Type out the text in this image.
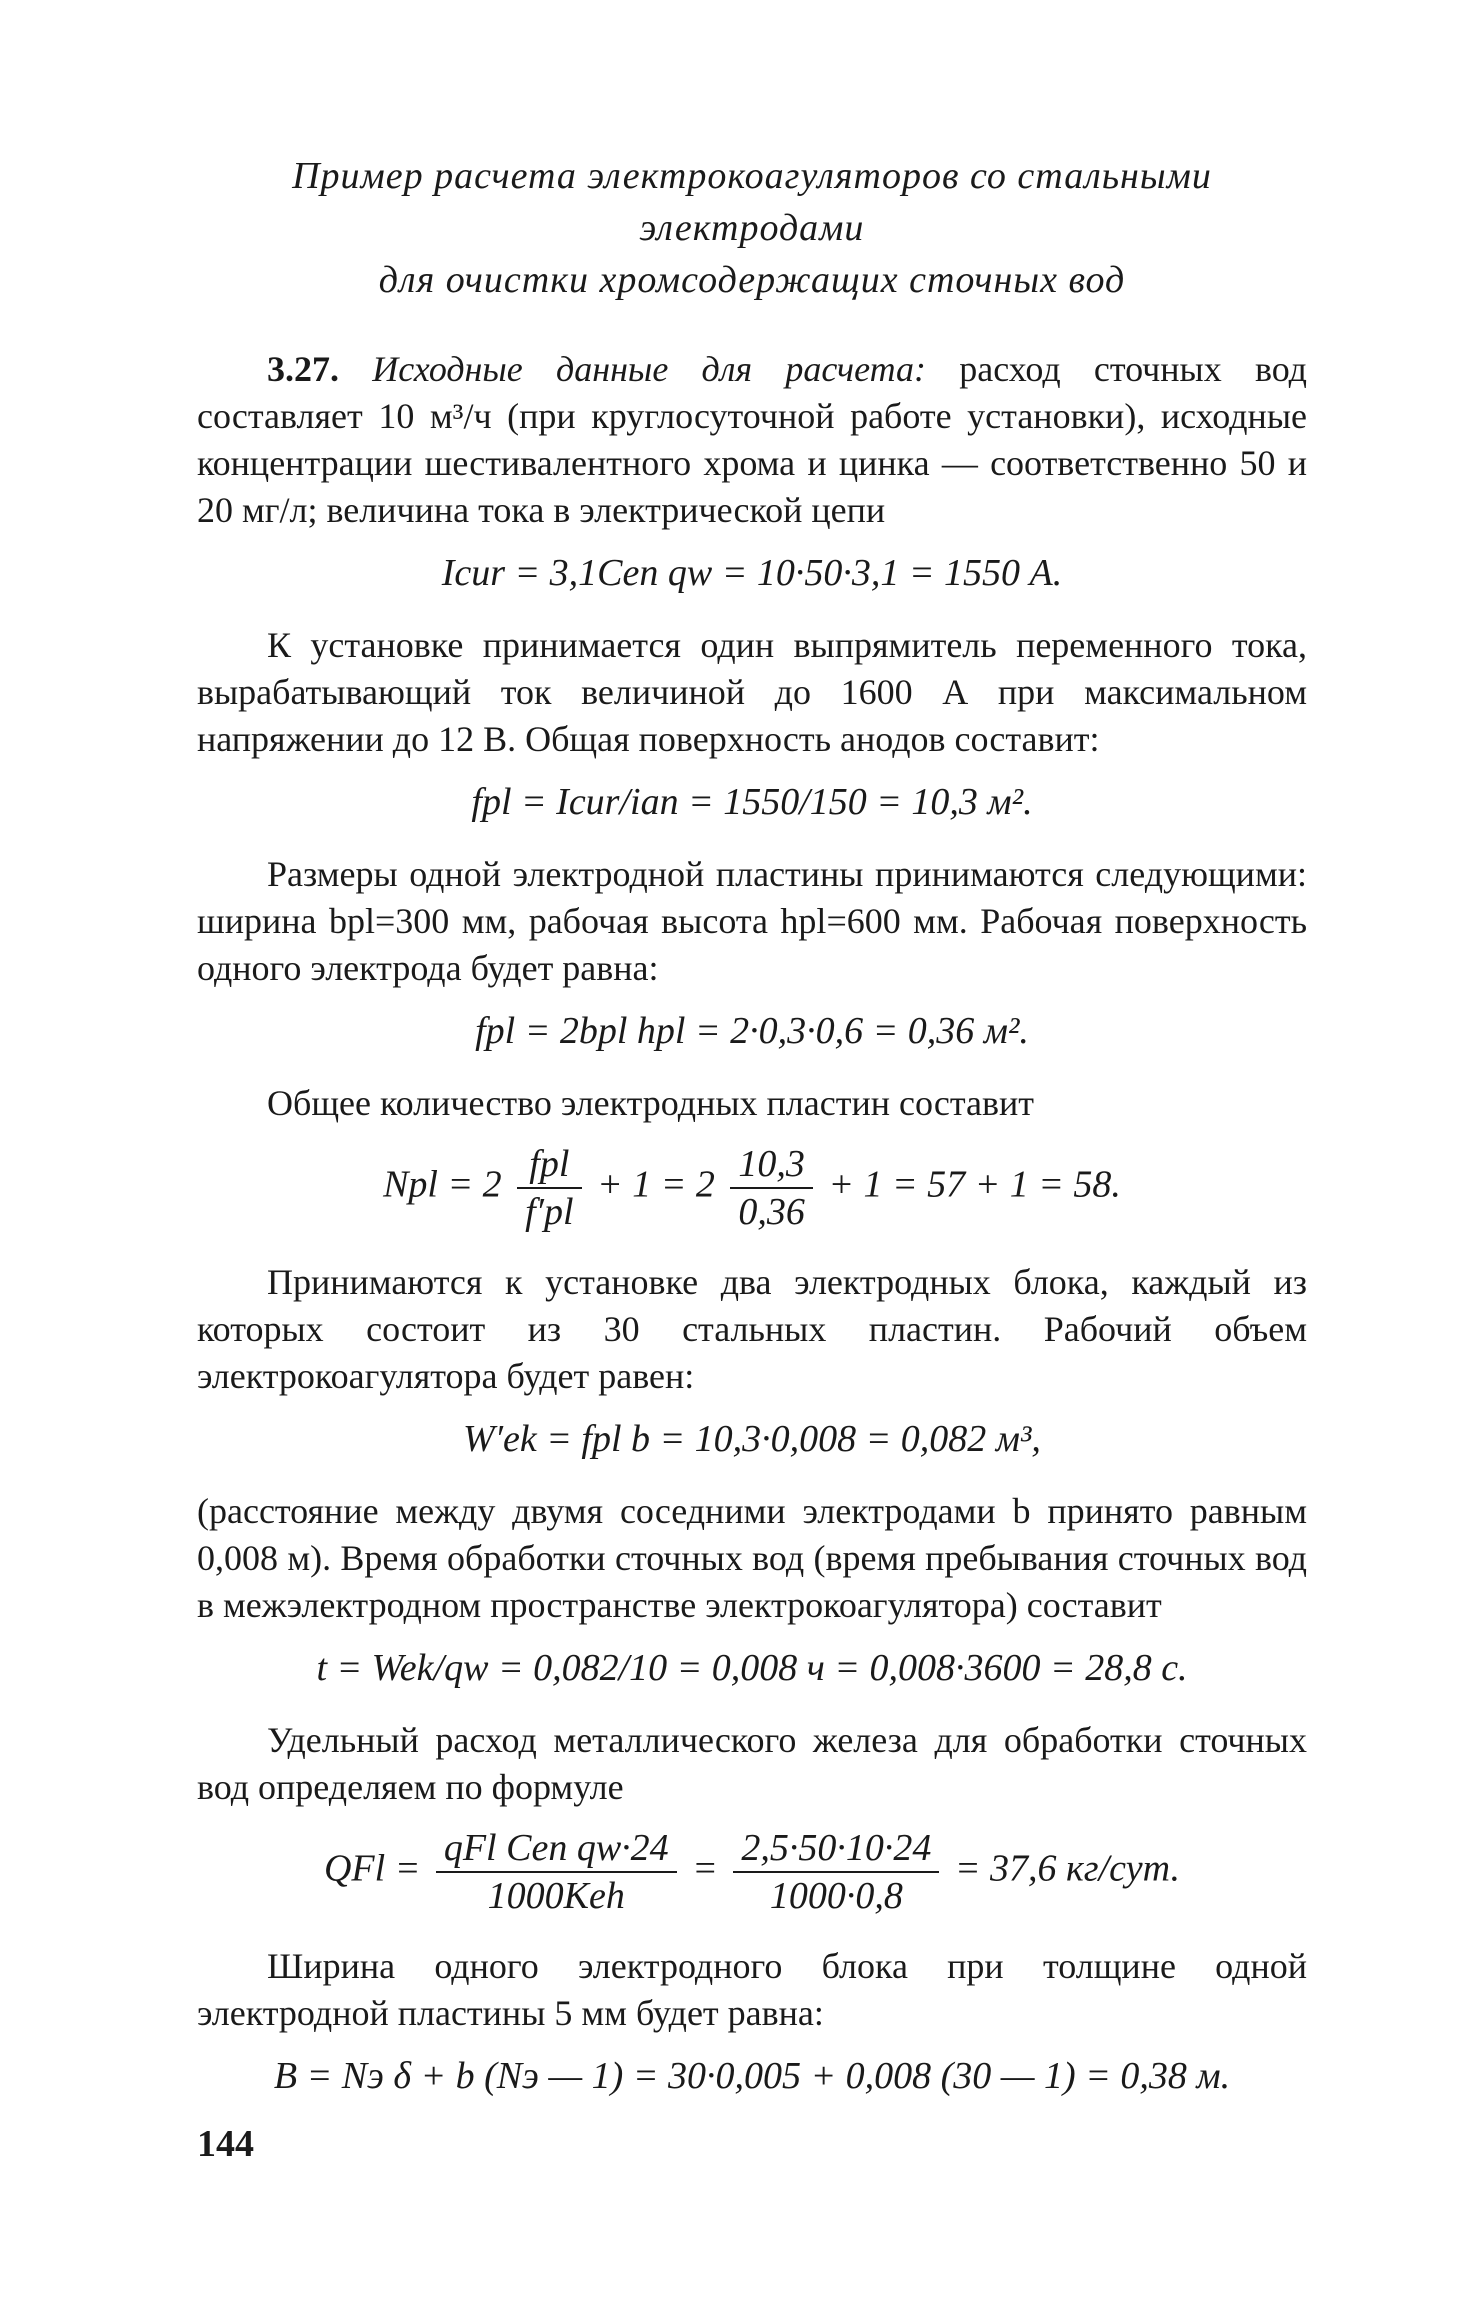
Пример расчета электрокоагуляторов со стальными электродами
для очистки хромсодержащих сточных вод

3.27. Исходные данные для расчета: расход сточных вод составляет 10 м³/ч (при круглосуточной работе установки), исходные концентрации шестивалентного хрома и цинка — соответственно 50 и 20 мг/л; величина тока в электрической цепи

Icur = 3,1Cen qw = 10·50·3,1 = 1550 А.

К установке принимается один выпрямитель переменного тока, вырабатывающий ток величиной до 1600 А при максимальном напряжении до 12 В. Общая поверхность анодов составит:

fpl = Icur/ian = 1550/150 = 10,3 м².

Размеры одной электродной пластины принимаются следующими: ширина bpl=300 мм, рабочая высота hpl=600 мм. Рабочая поверхность одного электрода будет равна:

fpl = 2bpl hpl = 2·0,3·0,6 = 0,36 м².

Общее количество электродных пластин составит

Npl = $2 \frac{\text{fpl}}{f'pl} + 1 = 2 \frac{10,3}{0,36} + 1 = 57 + 1 = 58$.

Принимаются к установке два электродных блока, каждый из которых состоит из 30 стальных пластин. Рабочий объем электрокоагулятора будет равен:

W′ek = fpl b = 10,3·0,008 = 0,082 м³,

(расстояние между двумя соседними электродами b принято равным 0,008 м). Время обработки сточных вод (время пребывания сточных вод в межэлектродном пространстве электрокоагулятора) составит

t = Wek/qw = 0,082/10 = 0,008 ч = 0,008·3600 = 28,8 с.

Удельный расход металлического железа для обработки сточных вод определяем по формуле

QFl = $\frac{\text{qFl Cen qw·24}}{\text{1000Keh}} = \frac{2,5\cdot 50\cdot 10\cdot 24}{1000\cdot 0,8} = 37,6$ кг/сут.

Ширина одного электродного блока при толщине одной электродной пластины 5 мм будет равна:

B = Nэ δ + b (Nэ — 1) = 30·0,005 + 0,008 (30 — 1) = 0,38 м.
144
